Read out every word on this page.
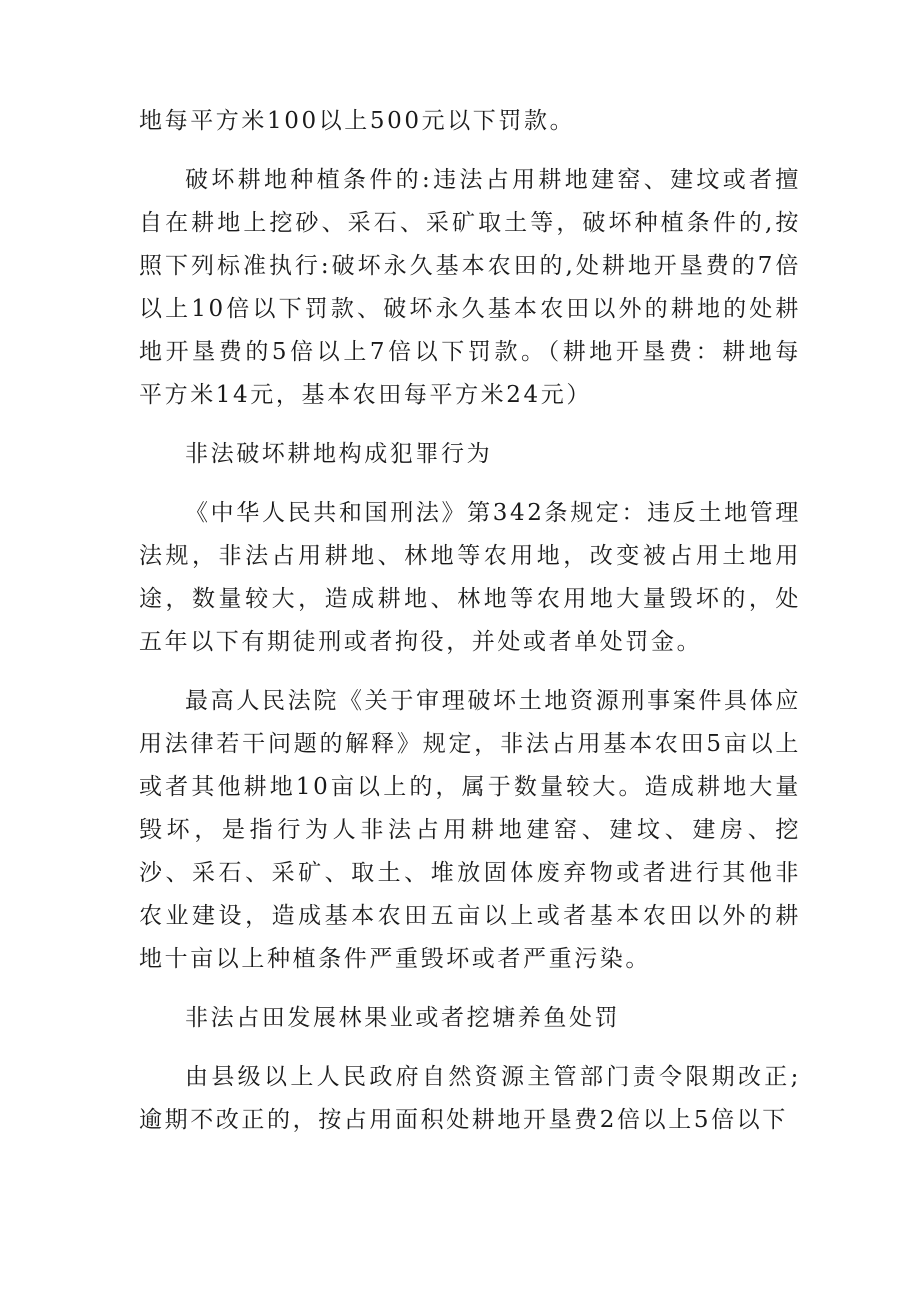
地每平方米100以上500元以下罚款。

破坏耕地种植条件的:违法占用耕地建窑、建坟或者擅自在耕地上挖砂、采石、采矿取土等，破坏种植条件的,按照下列标准执行:破坏永久基本农田的,处耕地开垦费的7倍以上10倍以下罚款、破坏永久基本农田以外的耕地的处耕地开垦费的5倍以上7倍以下罚款。（耕地开垦费：耕地每平方米14元，基本农田每平方米24元）

非法破坏耕地构成犯罪行为

《中华人民共和国刑法》第342条规定：违反土地管理法规，非法占用耕地、林地等农用地，改变被占用土地用途，数量较大，造成耕地、林地等农用地大量毁坏的，处五年以下有期徒刑或者拘役，并处或者单处罚金。

最高人民法院《关于审理破坏土地资源刑事案件具体应用法律若干问题的解释》规定，非法占用基本农田5亩以上或者其他耕地10亩以上的，属于数量较大。造成耕地大量毁坏，是指行为人非法占用耕地建窑、建坟、建房、挖沙、采石、采矿、取土、堆放固体废弃物或者进行其他非农业建设，造成基本农田五亩以上或者基本农田以外的耕地十亩以上种植条件严重毁坏或者严重污染。

非法占田发展林果业或者挖塘养鱼处罚

由县级以上人民政府自然资源主管部门责令限期改正;逾期不改正的，按占用面积处耕地开垦费2倍以上5倍以下
